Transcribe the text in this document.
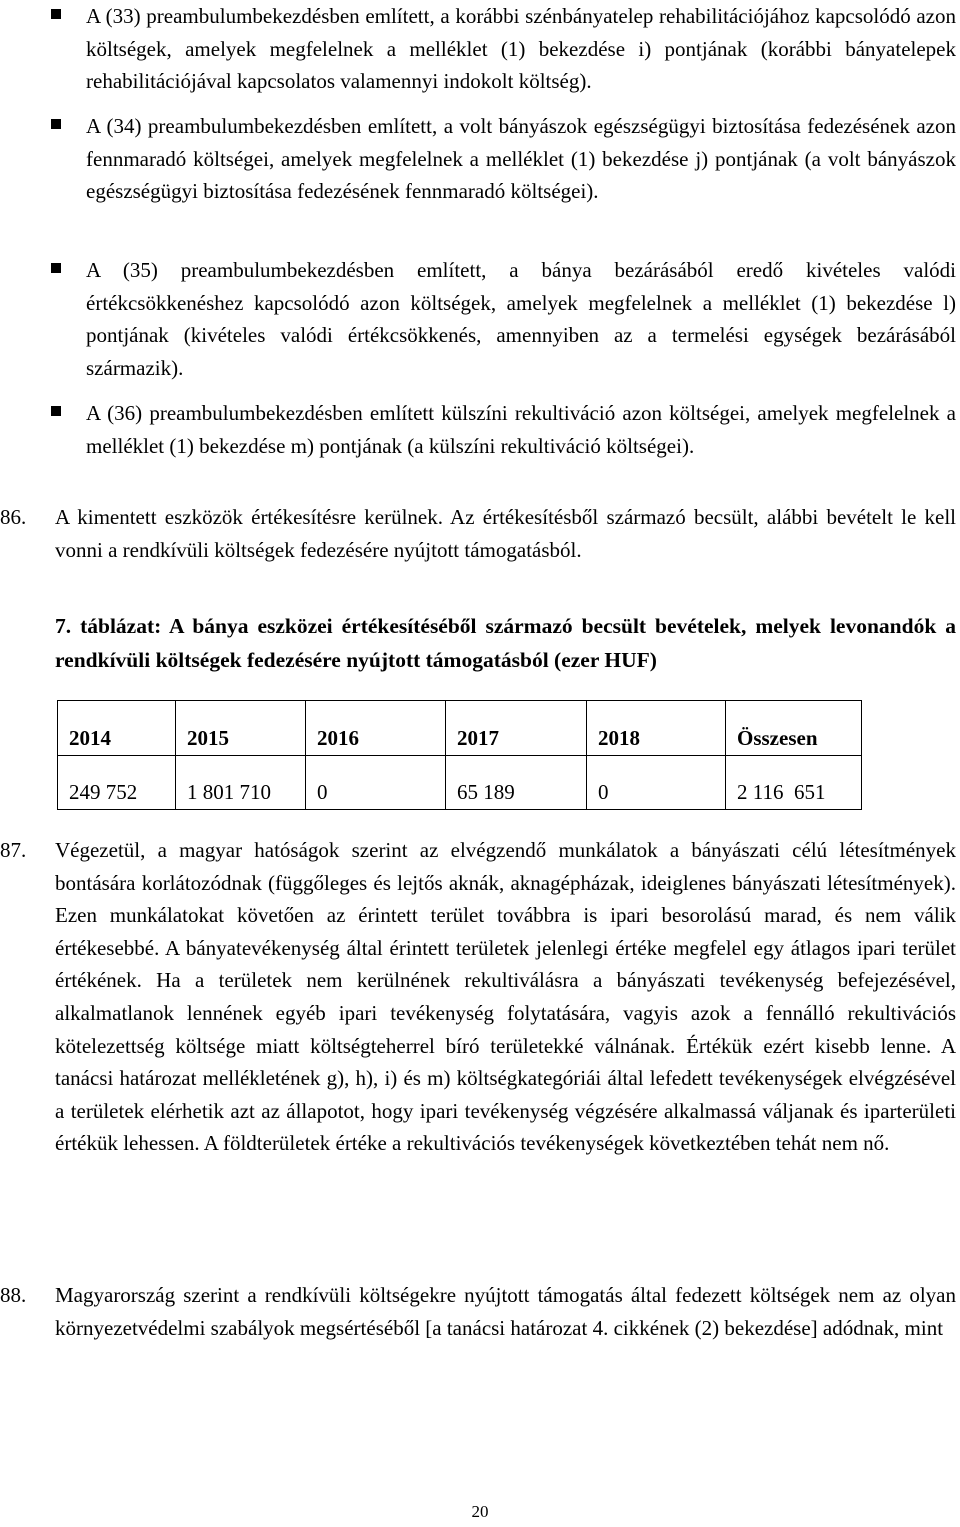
A (33) preambulumbekezdésben említett, a korábbi szénbányatelep rehabilitációjához kapcsolódó azon költségek, amelyek megfelelnek a melléklet (1) bekezdése i) pontjának (korábbi bányatelepek rehabilitációjával kapcsolatos valamennyi indokolt költség).
A (34) preambulumbekezdésben említett, a volt bányászok egészségügyi biztosítása fedezésének azon fennmaradó költségei, amelyek megfelelnek a melléklet (1) bekezdése j) pontjának (a volt bányászok egészségügyi biztosítása fedezésének fennmaradó költségei).
A (35) preambulumbekezdésben említett, a bánya bezárásából eredő kivételes valódi értékcsökkenéshez kapcsolódó azon költségek, amelyek megfelelnek a melléklet (1) bekezdése l) pontjának (kivételes valódi értékcsökkenés, amennyiben az a termelési egységek bezárásából származik).
A (36) preambulumbekezdésben említett külszíni rekultiváció azon költségei, amelyek megfelelnek a melléklet (1) bekezdése m) pontjának (a külszíni rekultiváció költségei).
86. A kimentett eszközök értékesítésre kerülnek. Az értékesítésből származó becsült, alábbi bevételt le kell vonni a rendkívüli költségek fedezésére nyújtott támogatásból.
7. táblázat: A bánya eszközei értékesítéséből származó becsült bevételek, melyek levonandók a rendkívüli költségek fedezésére nyújtott támogatásból (ezer HUF)
2014	2015	2016	2017	2018	Összesen
249 752	1 801 710	0	65 189	0	2 116  651
87. Végezetül, a magyar hatóságok szerint az elvégzendő munkálatok a bányászati célú létesítmények bontására korlátozódnak (függőleges és lejtős aknák, aknagépházak, ideiglenes bányászati létesítmények). Ezen munkálatokat követően az érintett terület továbbra is ipari besorolású marad, és nem válik értékesebbé. A bányatevékenység által érintett területek jelenlegi értéke megfelel egy átlagos ipari terület értékének. Ha a területek nem kerülnének rekultiválásra a bányászati tevékenység befejezésével, alkalmatlanok lennének egyéb ipari tevékenység folytatására, vagyis azok a fennálló rekultivációs kötelezettség költsége miatt költségteherrel bíró területekké válnának. Értékük ezért kisebb lenne. A tanácsi határozat mellékletének g), h), i) és m) költségkategóriái által lefedett tevékenységek elvégzésével a területek elérhetik azt az állapotot, hogy ipari tevékenység végzésére alkalmassá váljanak és iparterületi értékük lehessen. A földterületek értéke a rekultivációs tevékenységek következtében tehát nem nő.
88. Magyarország szerint a rendkívüli költségekre nyújtott támogatás által fedezett költségek nem az olyan környezetvédelmi szabályok megsértéséből [a tanácsi határozat 4. cikkének (2) bekezdése] adódnak, mint
20
